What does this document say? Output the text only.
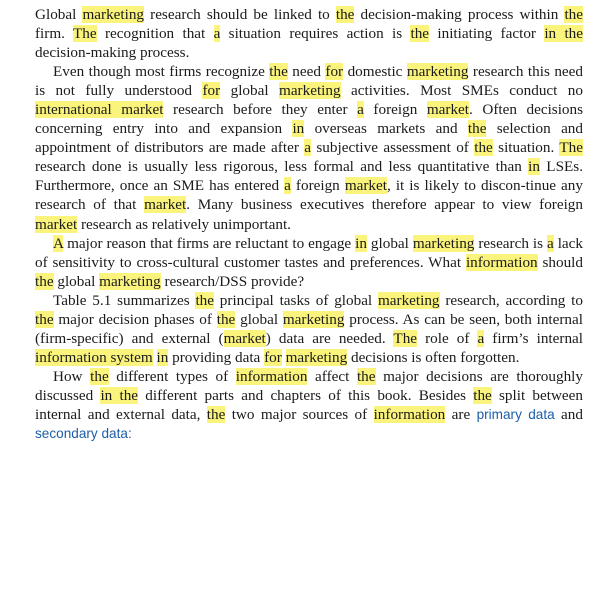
Global marketing research should be linked to the decision-making process within the firm. The recognition that a situation requires action is the initiating factor in the decision-making process.

Even though most firms recognize the need for domestic marketing research this need is not fully understood for global marketing activities. Most SMEs conduct no international market research before they enter a foreign market. Often decisions concerning entry into and expansion in overseas markets and the selection and appointment of distributors are made after a subjective assessment of the situation. The research done is usually less rigorous, less formal and less quantitative than in LSEs. Furthermore, once an SME has entered a foreign market, it is likely to discon-tinue any research of that market. Many business executives therefore appear to view foreign market research as relatively unimportant.

A major reason that firms are reluctant to engage in global marketing research is a lack of sensitivity to cross-cultural customer tastes and preferences. What information should the global marketing research/DSS provide?

Table 5.1 summarizes the principal tasks of global marketing research, according to the major decision phases of the global marketing process. As can be seen, both internal (firm-specific) and external (market) data are needed. The role of a firm’s internal information system in providing data for marketing decisions is often forgotten.

How the different types of information affect the major decisions are thoroughly discussed in the different parts and chapters of this book. Besides the split between internal and external data, the two major sources of information are primary data and secondary data:
